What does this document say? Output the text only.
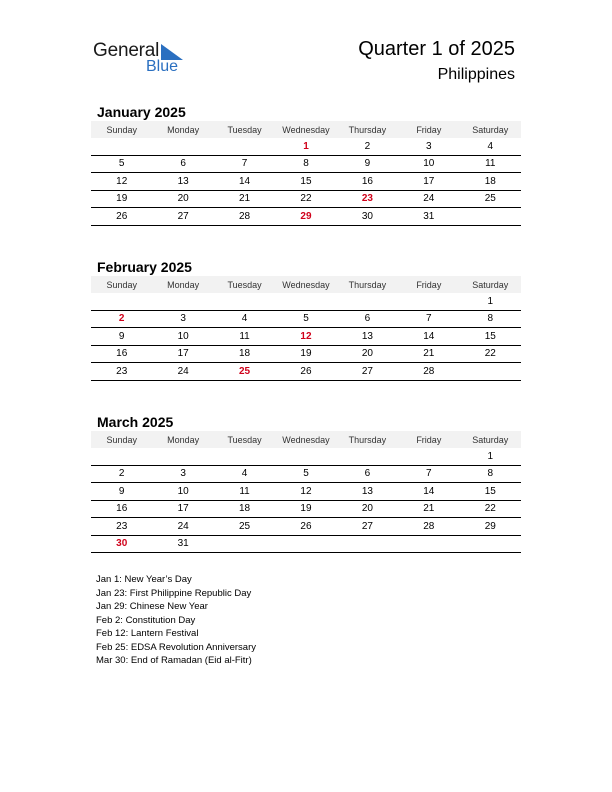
General
Blue
Quarter 1 of 2025
Philippines
January 2025
Sunday	Monday	Tuesday	Wednesday	Thursday	Friday	Saturday
			1	2	3	4
5	6	7	8	9	10	11
12	13	14	15	16	17	18
19	20	21	22	23	24	25
26	27	28	29	30	31	
February 2025
Sunday	Monday	Tuesday	Wednesday	Thursday	Friday	Saturday
						1
2	3	4	5	6	7	8
9	10	11	12	13	14	15
16	17	18	19	20	21	22
23	24	25	26	27	28	
March 2025
Sunday	Monday	Tuesday	Wednesday	Thursday	Friday	Saturday
						1
2	3	4	5	6	7	8
9	10	11	12	13	14	15
16	17	18	19	20	21	22
23	24	25	26	27	28	29
30	31					
Jan 1: New Year’s Day
Jan 23: First Philippine Republic Day
Jan 29: Chinese New Year
Feb 2: Constitution Day
Feb 12: Lantern Festival
Feb 25: EDSA Revolution Anniversary
Mar 30: End of Ramadan (Eid al-Fitr)
